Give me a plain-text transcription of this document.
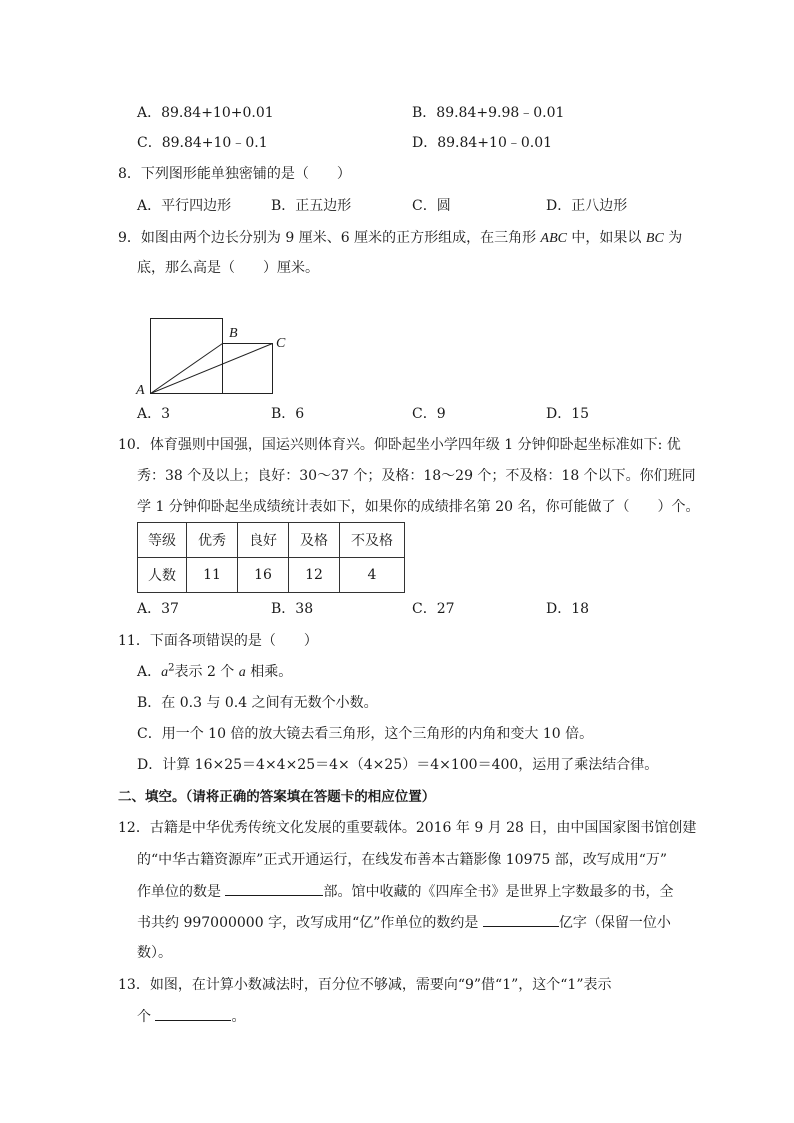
A．89.84+10+0.01	B．89.84+9.98﹣0.01
C．89.84+10﹣0.1	D．89.84+10﹣0.01
8．下列图形能单独密铺的是（　　）
A．平行四边形	B．正五边形	C．圆	D．正八边形
9．如图由两个边长分别为 9 厘米、6 厘米的正方形组成，在三角形 ABC 中，如果以 BC 为
底，那么高是（　　）厘米。
A
B
C
A．3	B．6	C．9	D．15
10．体育强则中国强，国运兴则体育兴。仰卧起坐小学四年级 1 分钟仰卧起坐标准如下: 优
秀：38 个及以上；良好：30～37 个；及格：18～29 个；不及格：18 个以下。你们班同
学 1 分钟仰卧起坐成绩统计表如下，如果你的成绩排名第 20 名，你可能做了（　　）个。
等级	优秀	良好	及格	不及格
人数	11	16	12	4
A．37	B．38	C．27	D．18
11．下面各项错误的是（　　）
A．$a^2$表示 2 个 a 相乘。
B．在 0.3 与 0.4 之间有无数个小数。
C．用一个 10 倍的放大镜去看三角形，这个三角形的内角和变大 10 倍。
D．计算 16×25＝4×4×25＝4×（4×25）＝4×100＝400，运用了乘法结合律。
二、填空。（请将正确的答案填在答题卡的相应位置）
12．古籍是中华优秀传统文化发展的重要载体。2016 年 9 月 28 日，由中国国家图书馆创建
的“中华古籍资源库”正式开通运行，在线发布善本古籍影像 10975 部，改写成用“万”
作单位的数是	部。馆中收藏的《四库全书》是世界上字数最多的书，全
书共约 997000000 字，改写成用“亿”作单位的数约是	亿字（保留一位小
数）。
13．如图，在计算小数减法时，百分位不够减，需要向“9”借“1”，这个“1”表示
个	。
